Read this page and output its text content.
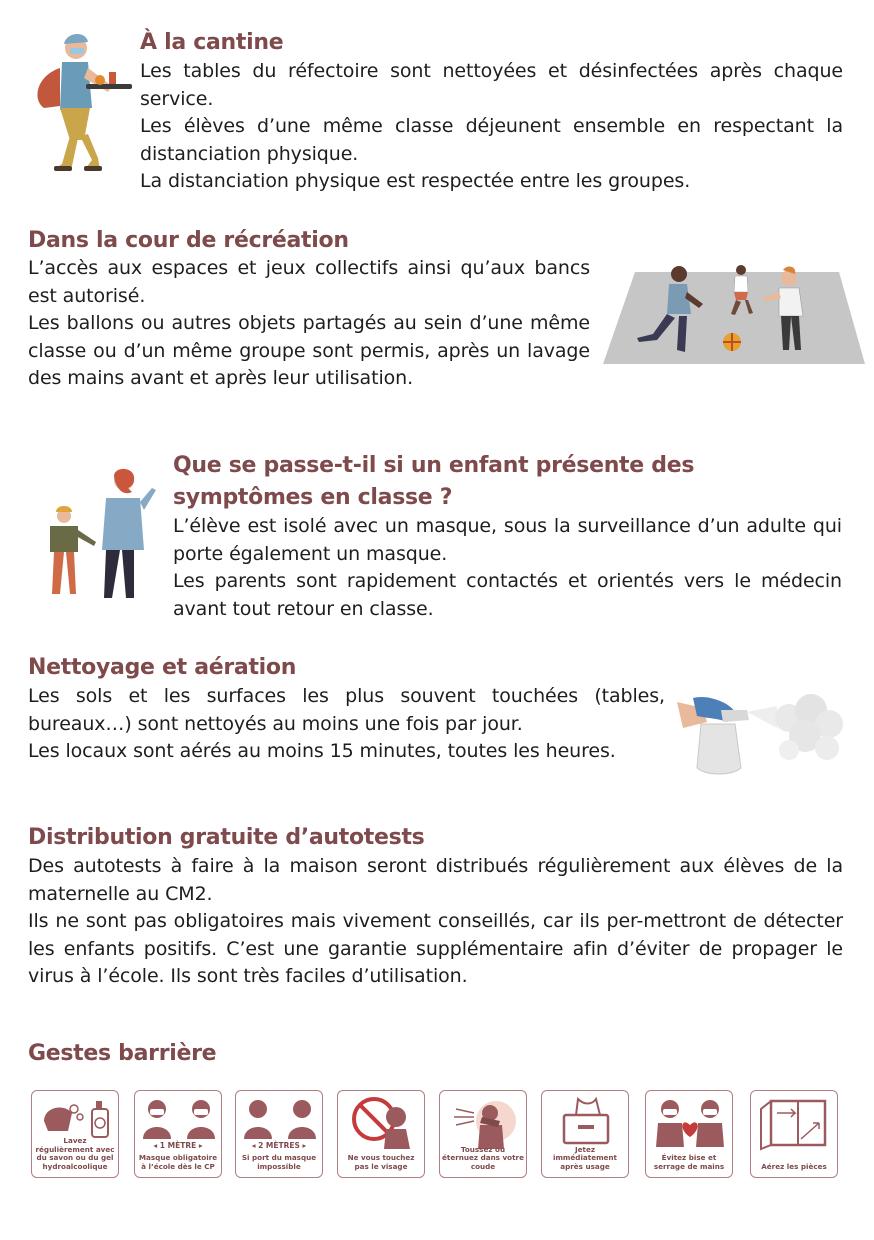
À la cantine

Les tables du réfectoire sont nettoyées et désinfectées après chaque service.

Les élèves d’une même classe déjeunent ensemble en respectant la distanciation physique.

La distanciation physique est respectée entre les groupes.

Dans la cour de récréation

L’accès aux espaces et jeux collectifs ainsi qu’aux bancs est autorisé.

Les ballons ou autres objets partagés au sein d’une même classe ou d’un même groupe sont permis, après un lavage des mains avant et après leur utilisation.

Que se passe-t-il si un enfant présente des
symptômes en classe ?

L’élève est isolé avec un masque, sous la surveillance d’un adulte qui porte également un masque.

Les parents sont rapidement contactés et orientés vers le médecin avant tout retour en classe.

Nettoyage et aération

Les sols et les surfaces les plus souvent touchées (tables, bureaux…) sont nettoyés au moins une fois par jour.

Les locaux sont aérés au moins 15 minutes, toutes les heures.

Distribution gratuite d’autotests

Des autotests à faire à la maison seront distribués régulièrement aux élèves de la maternelle au CM2.

Ils ne sont pas obligatoires mais vivement conseillés, car ils per-mettront de détecter les enfants positifs. C’est une garantie supplémentaire afin d’éviter de propager le virus à l’école. Ils sont très faciles d’utilisation.

Gestes barrière
Lavez régulièrement avec du savon ou du gel hydroalcoolique
◂ 1 MÈTRE ▸
Masque obligatoire à l’école dès le CP
◂ 2 MÈTRES ▸
Si port du masque impossible
Ne vous touchez pas le visage
Toussez ou éternuez dans votre coude
Jetez immédiatement après usage
Évitez bise et serrage de mains	Aérez les pièces
